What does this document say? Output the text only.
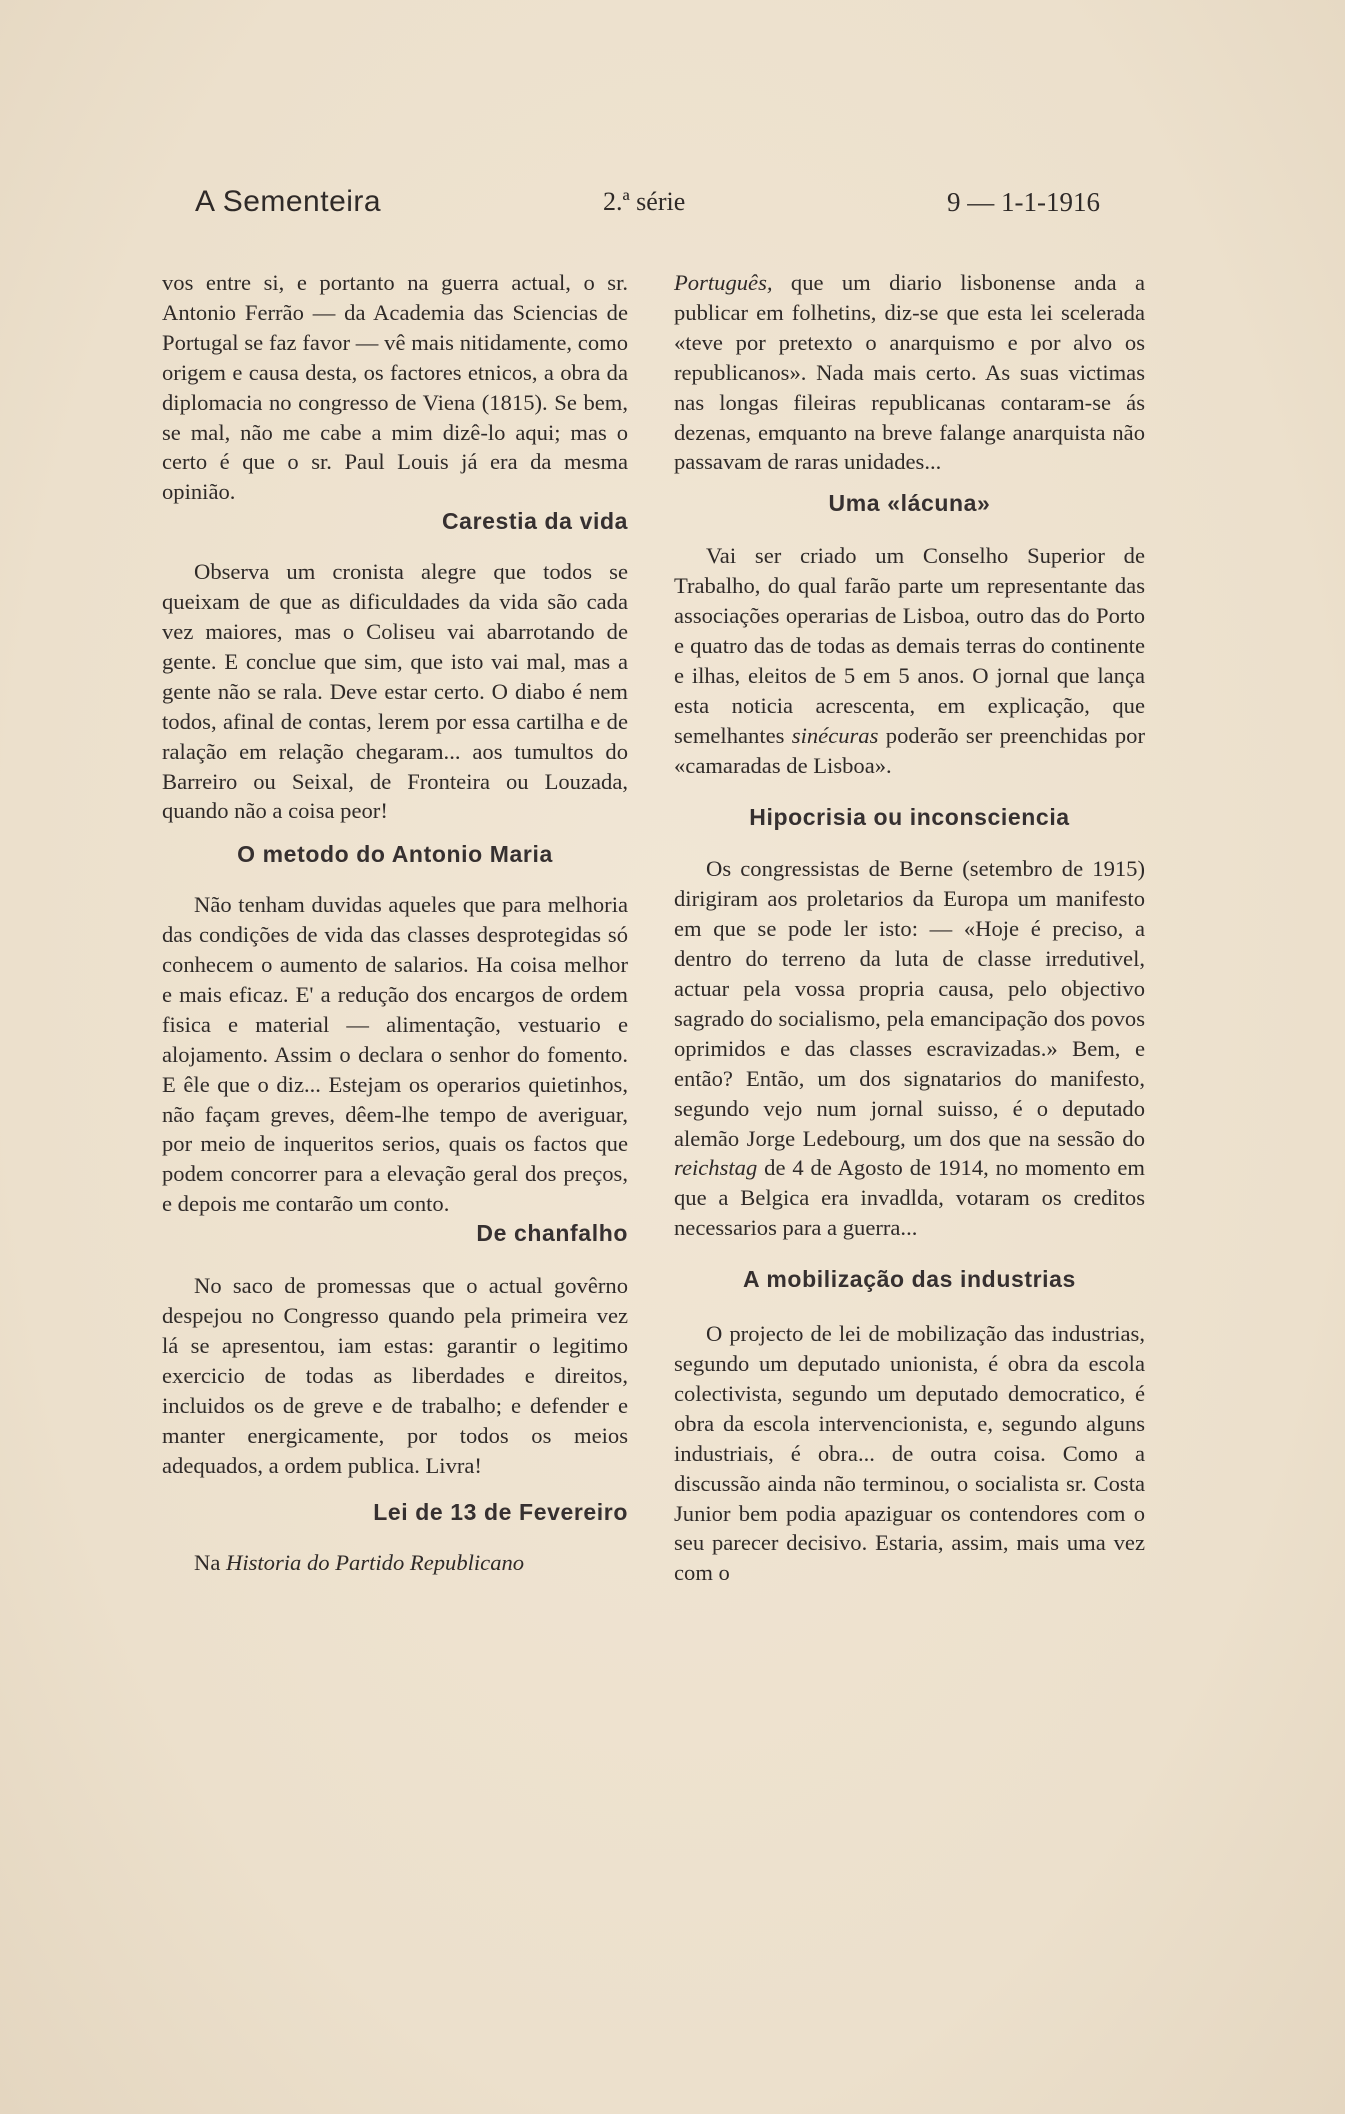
A Sementeira	2.ª série	9 — 1-1-1916

vos entre si, e portanto na guerra actual, o sr. Antonio Ferrão — da Academia das Sciencias de Portugal se faz favor — vê mais nitidamente, como origem e causa desta, os factores etnicos, a obra da diplomacia no congresso de Viena (1815). Se bem, se mal, não me cabe a mim dizê-lo aqui; mas o certo é que o sr. Paul Louis já era da mesma opinião.

Carestia da vida

Observa um cronista alegre que todos se queixam de que as dificuldades da vida são cada vez maiores, mas o Coliseu vai abarrotando de gente. E conclue que sim, que isto vai mal, mas a gente não se rala. Deve estar certo. O diabo é nem todos, afinal de contas, lerem por essa cartilha e de ralação em relação chegaram... aos tumultos do Barreiro ou Seixal, de Fronteira ou Louzada, quando não a coisa peor!

O metodo do Antonio Maria

Não tenham duvidas aqueles que para melhoria das condições de vida das classes desprotegidas só conhecem o aumento de salarios. Ha coisa melhor e mais eficaz. E' a redução dos encargos de ordem fisica e material — alimentação, vestuario e alojamento. Assim o declara o senhor do fomento. E êle que o diz... Estejam os operarios quietinhos, não façam greves, dêem-lhe tempo de averiguar, por meio de inqueritos serios, quais os factos que podem concorrer para a elevação geral dos preços, e depois me contarão um conto.

De chanfalho

No saco de promessas que o actual govêrno despejou no Congresso quando pela primeira vez lá se apresentou, iam estas: garantir o legitimo exercicio de todas as liberdades e direitos, incluidos os de greve e de trabalho; e defender e manter energicamente, por todos os meios adequados, a ordem publica. Livra!

Lei de 13 de Fevereiro

Na Historia do Partido Republicano

Português, que um diario lisbonense anda a publicar em folhetins, diz-se que esta lei scelerada «teve por pretexto o anarquismo e por alvo os republicanos». Nada mais certo. As suas victimas nas longas fileiras republicanas contaram-se ás dezenas, emquanto na breve falange anarquista não passavam de raras unidades...

Uma «lácuna»

Vai ser criado um Conselho Superior de Trabalho, do qual farão parte um representante das associações operarias de Lisboa, outro das do Porto e quatro das de todas as demais terras do continente e ilhas, eleitos de 5 em 5 anos. O jornal que lança esta noticia acrescenta, em explicação, que semelhantes sinécuras poderão ser preenchidas por «camaradas de Lisboa».

Hipocrisia ou inconsciencia

Os congressistas de Berne (setembro de 1915) dirigiram aos proletarios da Europa um manifesto em que se pode ler isto: — «Hoje é preciso, a dentro do terreno da luta de classe irredutivel, actuar pela vossa propria causa, pelo objectivo sagrado do socialismo, pela emancipação dos povos oprimidos e das classes escravizadas.» Bem, e então? Então, um dos signatarios do manifesto, segundo vejo num jornal suisso, é o deputado alemão Jorge Ledebourg, um dos que na sessão do reichstag de 4 de Agosto de 1914, no momento em que a Belgica era invadlda, votaram os creditos necessarios para a guerra...

A mobilização das industrias

O projecto de lei de mobilização das industrias, segundo um deputado unionista, é obra da escola colectivista, segundo um deputado democratico, é obra da escola intervencionista, e, segundo alguns industriais, é obra... de outra coisa. Como a discussão ainda não terminou, o socialista sr. Costa Junior bem podia apaziguar os contendores com o seu parecer decisivo. Estaria, assim, mais uma vez com o
